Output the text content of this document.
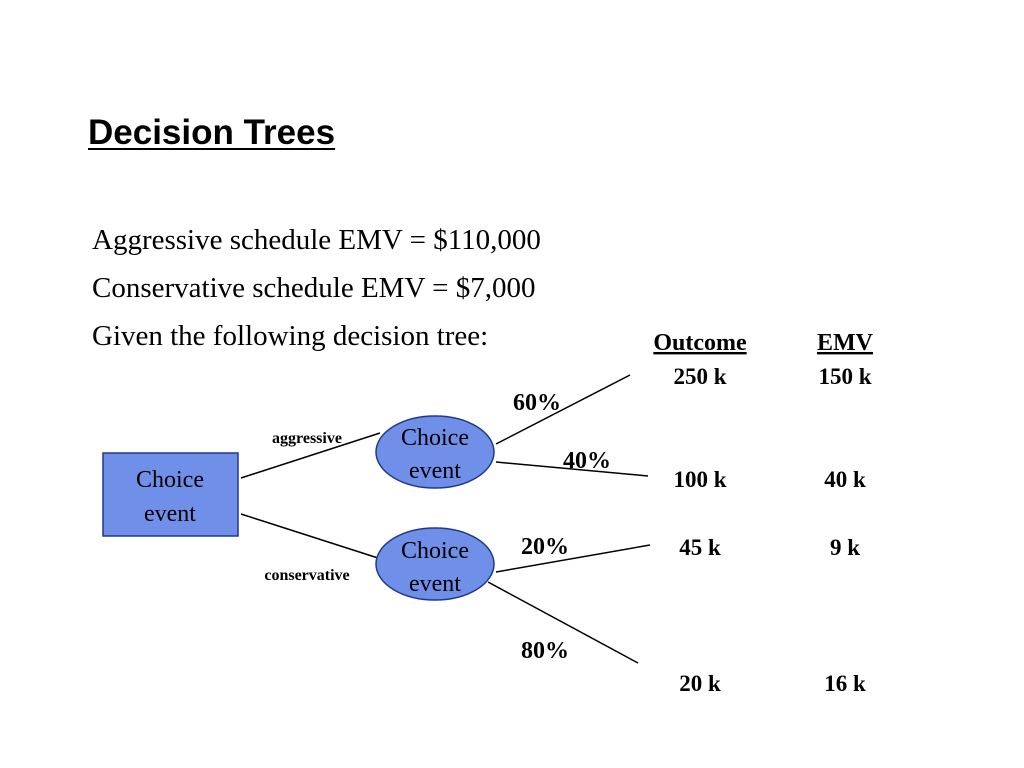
Decision Trees
Aggressive schedule EMV = $110,000
Conservative schedule EMV = $7,000
Given the following decision tree:
Choice
event
Choice
event
Choice
event
aggressive
conservative
60%
40%
20%
80%
Outcome	EMV
250 k
100 k
45 k
20 k
150 k
40 k
9 k
16 k
